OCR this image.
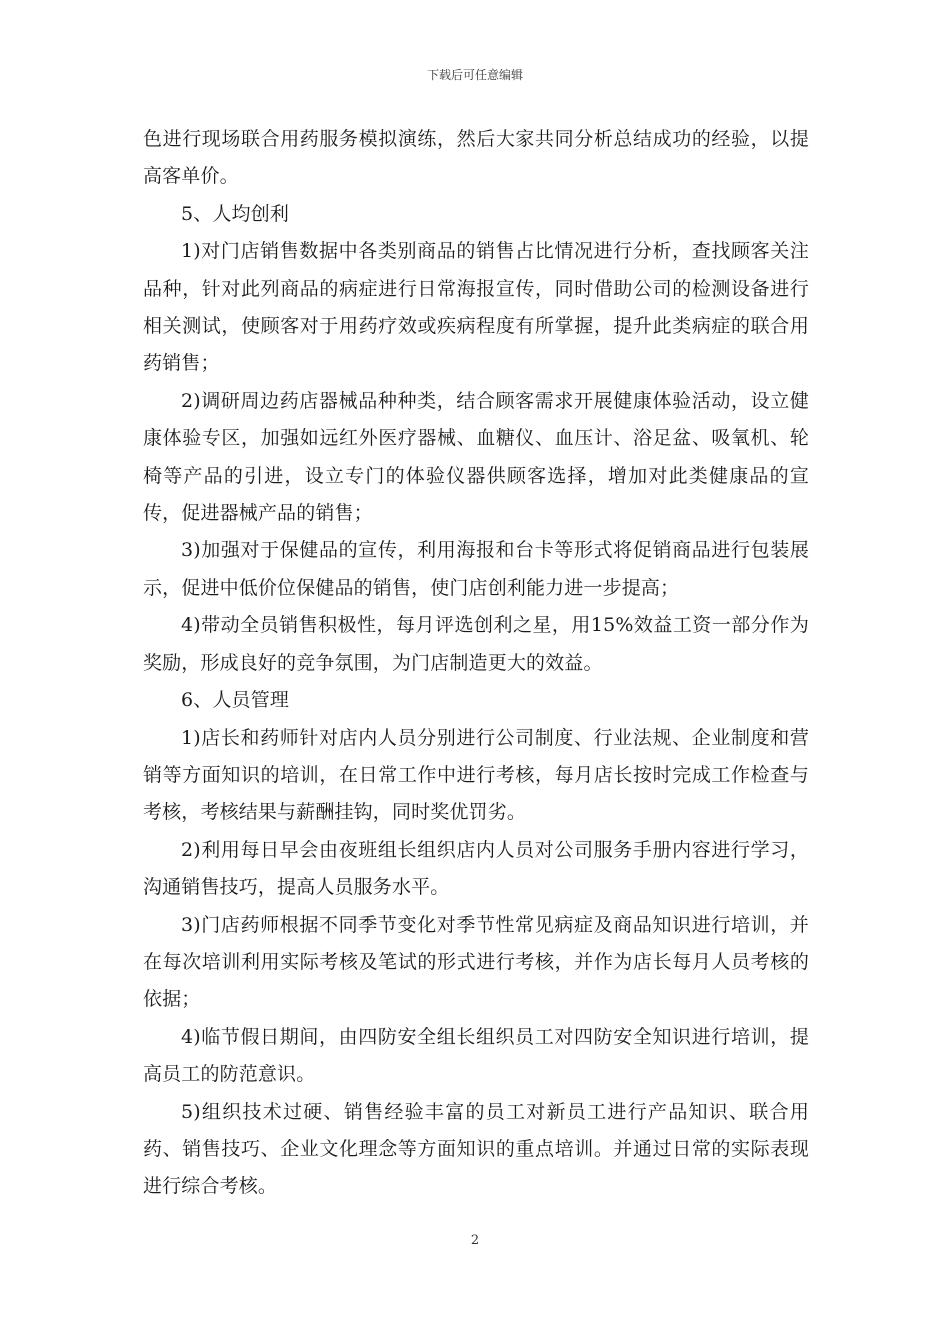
下载后可任意编辑

色进行现场联合用药服务模拟演练，然后大家共同分析总结成功的经验，以提高客单价。

5、人均创利

1)对门店销售数据中各类别商品的销售占比情况进行分析，查找顾客关注品种，针对此列商品的病症进行日常海报宣传，同时借助公司的检测设备进行相关测试，使顾客对于用药疗效或疾病程度有所掌握，提升此类病症的联合用药销售；

2)调研周边药店器械品种种类，结合顾客需求开展健康体验活动，设立健康体验专区，加强如远红外医疗器械、血糖仪、血压计、浴足盆、吸氧机、轮椅等产品的引进，设立专门的体验仪器供顾客选择，增加对此类健康品的宣传，促进器械产品的销售；

3)加强对于保健品的宣传，利用海报和台卡等形式将促销商品进行包装展示，促进中低价位保健品的销售，使门店创利能力进一步提高；

4)带动全员销售积极性，每月评选创利之星，用15%效益工资一部分作为奖励，形成良好的竞争氛围，为门店制造更大的效益。

6、人员管理

1)店长和药师针对店内人员分别进行公司制度、行业法规、企业制度和营销等方面知识的培训，在日常工作中进行考核，每月店长按时完成工作检查与考核，考核结果与薪酬挂钩，同时奖优罚劣。

2)利用每日早会由夜班组长组织店内人员对公司服务手册内容进行学习，沟通销售技巧，提高人员服务水平。

3)门店药师根据不同季节变化对季节性常见病症及商品知识进行培训，并在每次培训利用实际考核及笔试的形式进行考核，并作为店长每月人员考核的依据；

4)临节假日期间，由四防安全组长组织员工对四防安全知识进行培训，提高员工的防范意识。

5)组织技术过硬、销售经验丰富的员工对新员工进行产品知识、联合用药、销售技巧、企业文化理念等方面知识的重点培训。并通过日常的实际表现进行综合考核。

2
